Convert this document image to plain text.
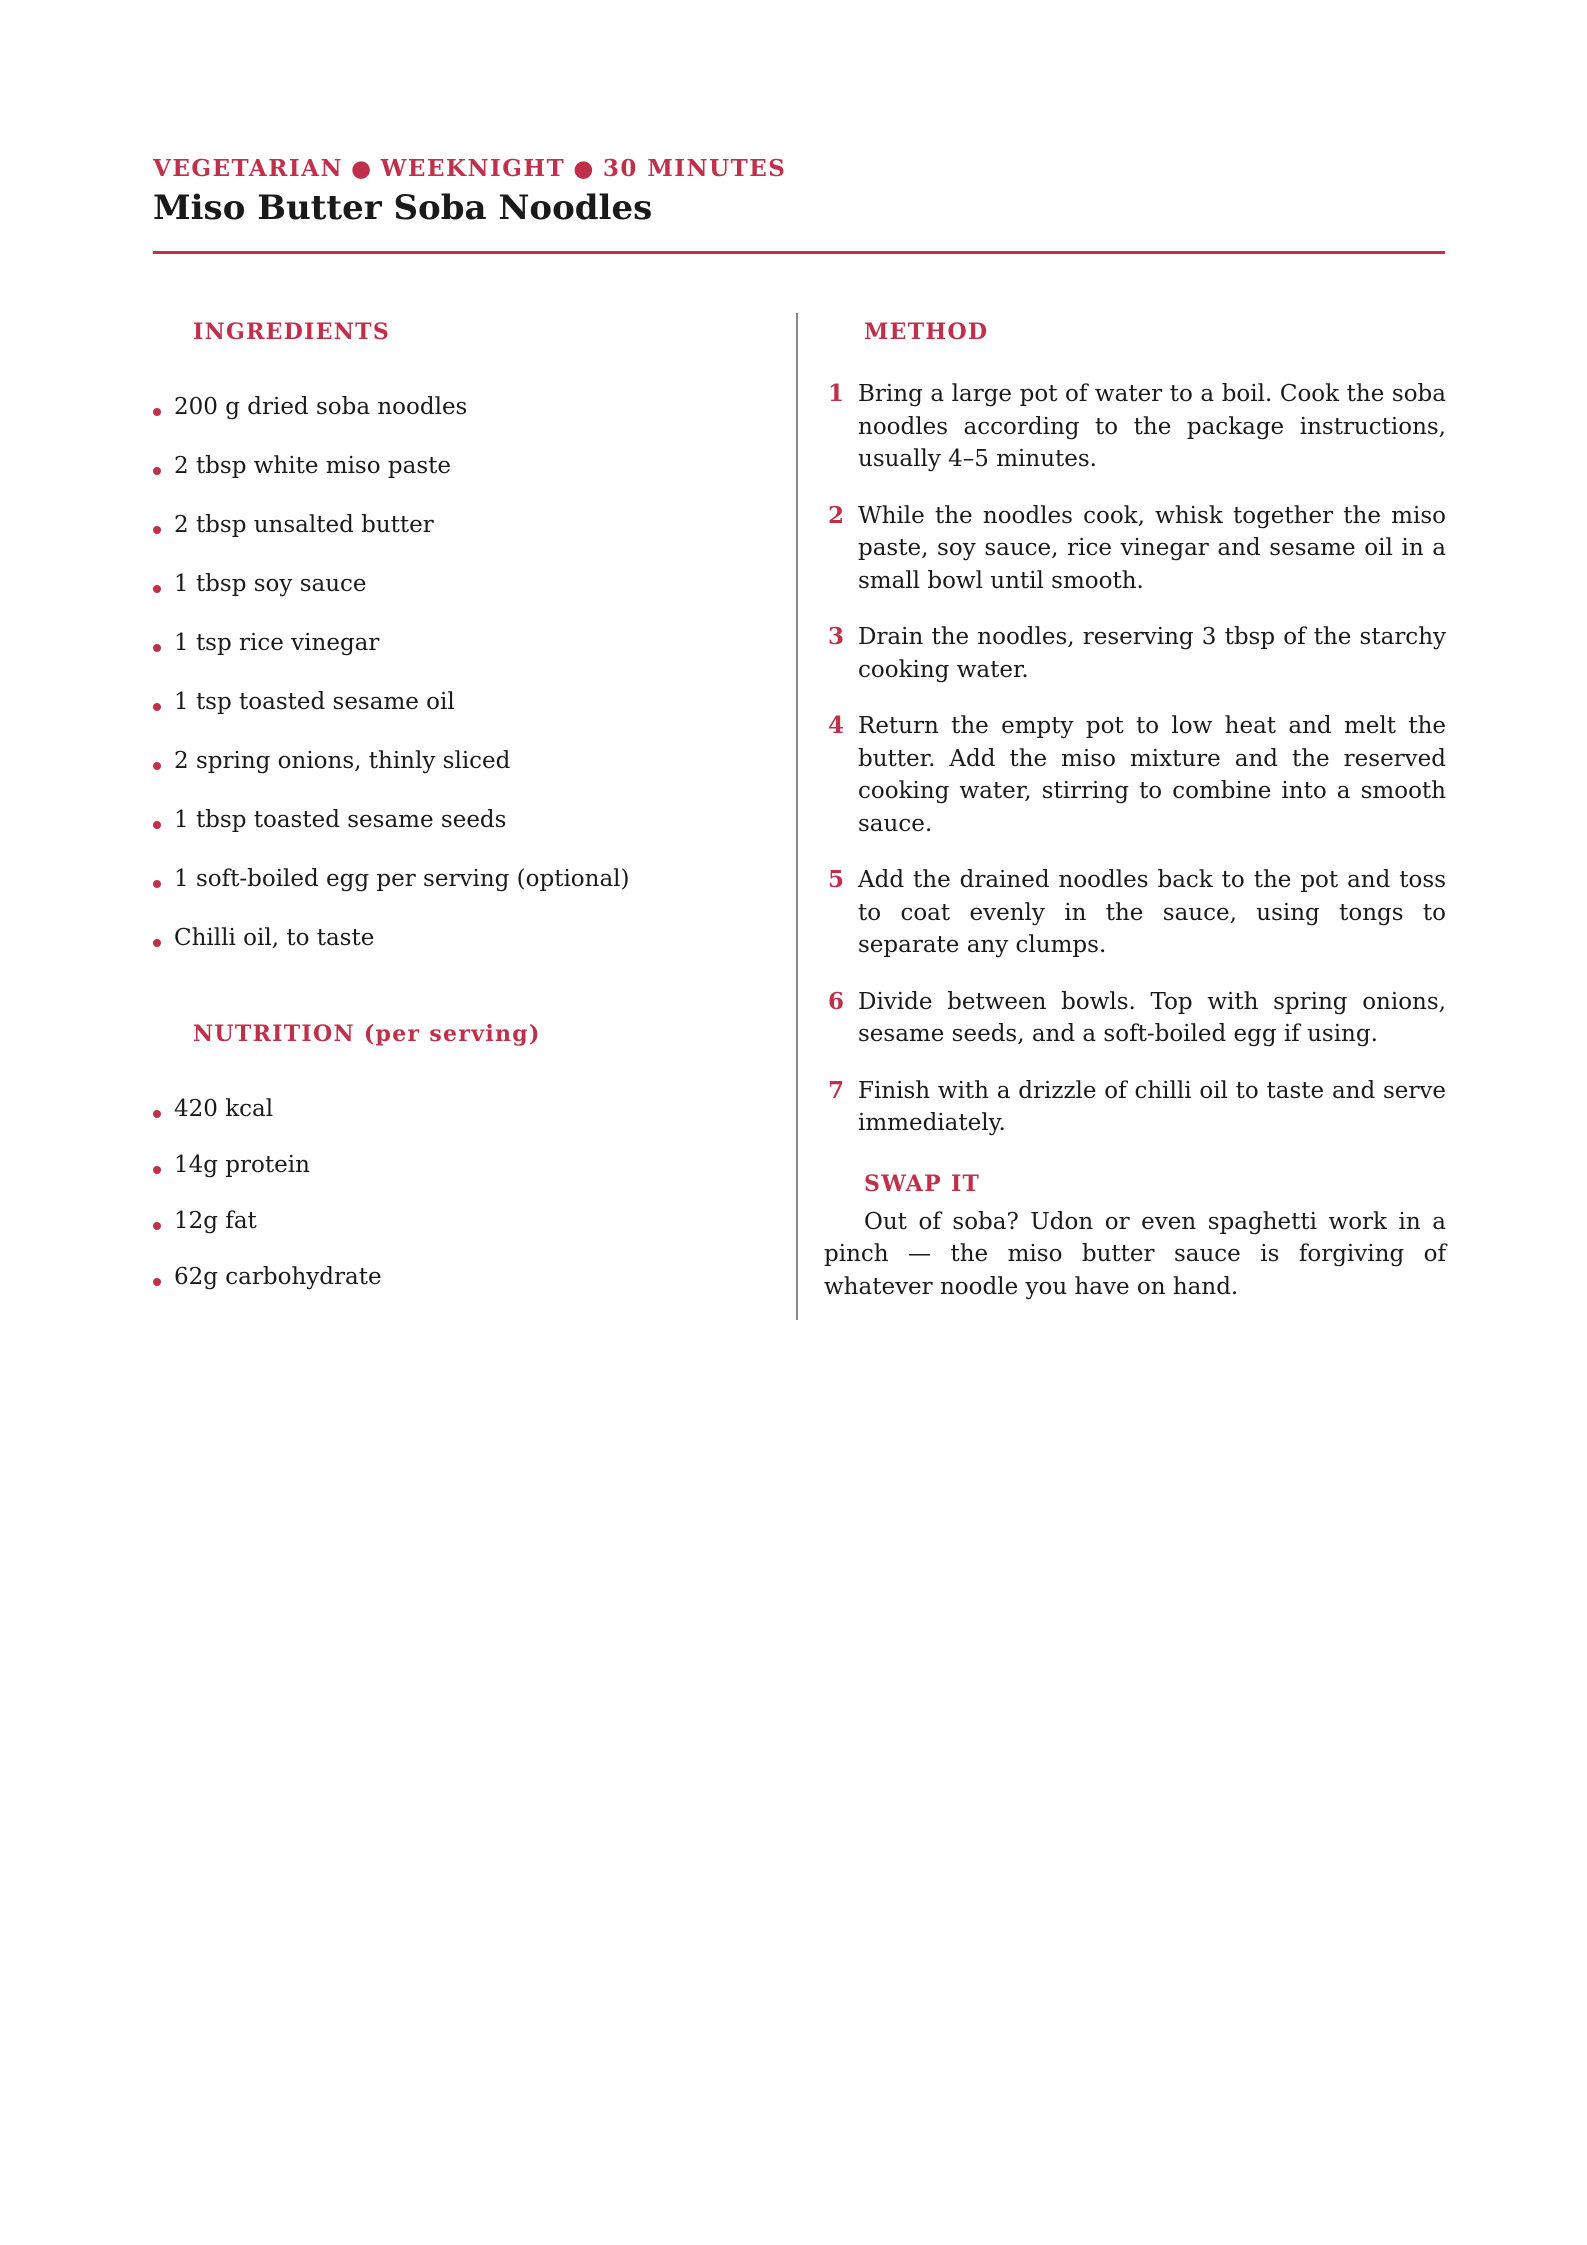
VEGETARIAN ● WEEKNIGHT ● 30 MINUTES
Miso Butter Soba Noodles
INGREDIENTS
200 g dried soba noodles
2 tbsp white miso paste
2 tbsp unsalted butter
1 tbsp soy sauce
1 tsp rice vinegar
1 tsp toasted sesame oil
2 spring onions, thinly sliced
1 tbsp toasted sesame seeds
1 soft-boiled egg per serving (optional)
Chilli oil, to taste
NUTRITION (per serving)
420 kcal
14g protein
12g fat
62g carbohydrate
METHOD
1 Bring a large pot of water to a boil. Cook the soba noodles according to the package instructions, usually 4–5 minutes.
2 While the noodles cook, whisk together the miso paste, soy sauce, rice vinegar and sesame oil in a small bowl until smooth.
3 Drain the noodles, reserving 3 tbsp of the starchy cooking water.
4 Return the empty pot to low heat and melt the butter. Add the miso mixture and the reserved cooking water, stirring to combine into a smooth sauce.
5 Add the drained noodles back to the pot and toss to coat evenly in the sauce, using tongs to separate any clumps.
6 Divide between bowls. Top with spring onions, sesame seeds, and a soft-boiled egg if using.
7 Finish with a drizzle of chilli oil to taste and serve immediately.
SWAP IT

Out of soba? Udon or even spaghetti work in a pinch — the miso butter sauce is forgiving of whatever noodle you have on hand.
